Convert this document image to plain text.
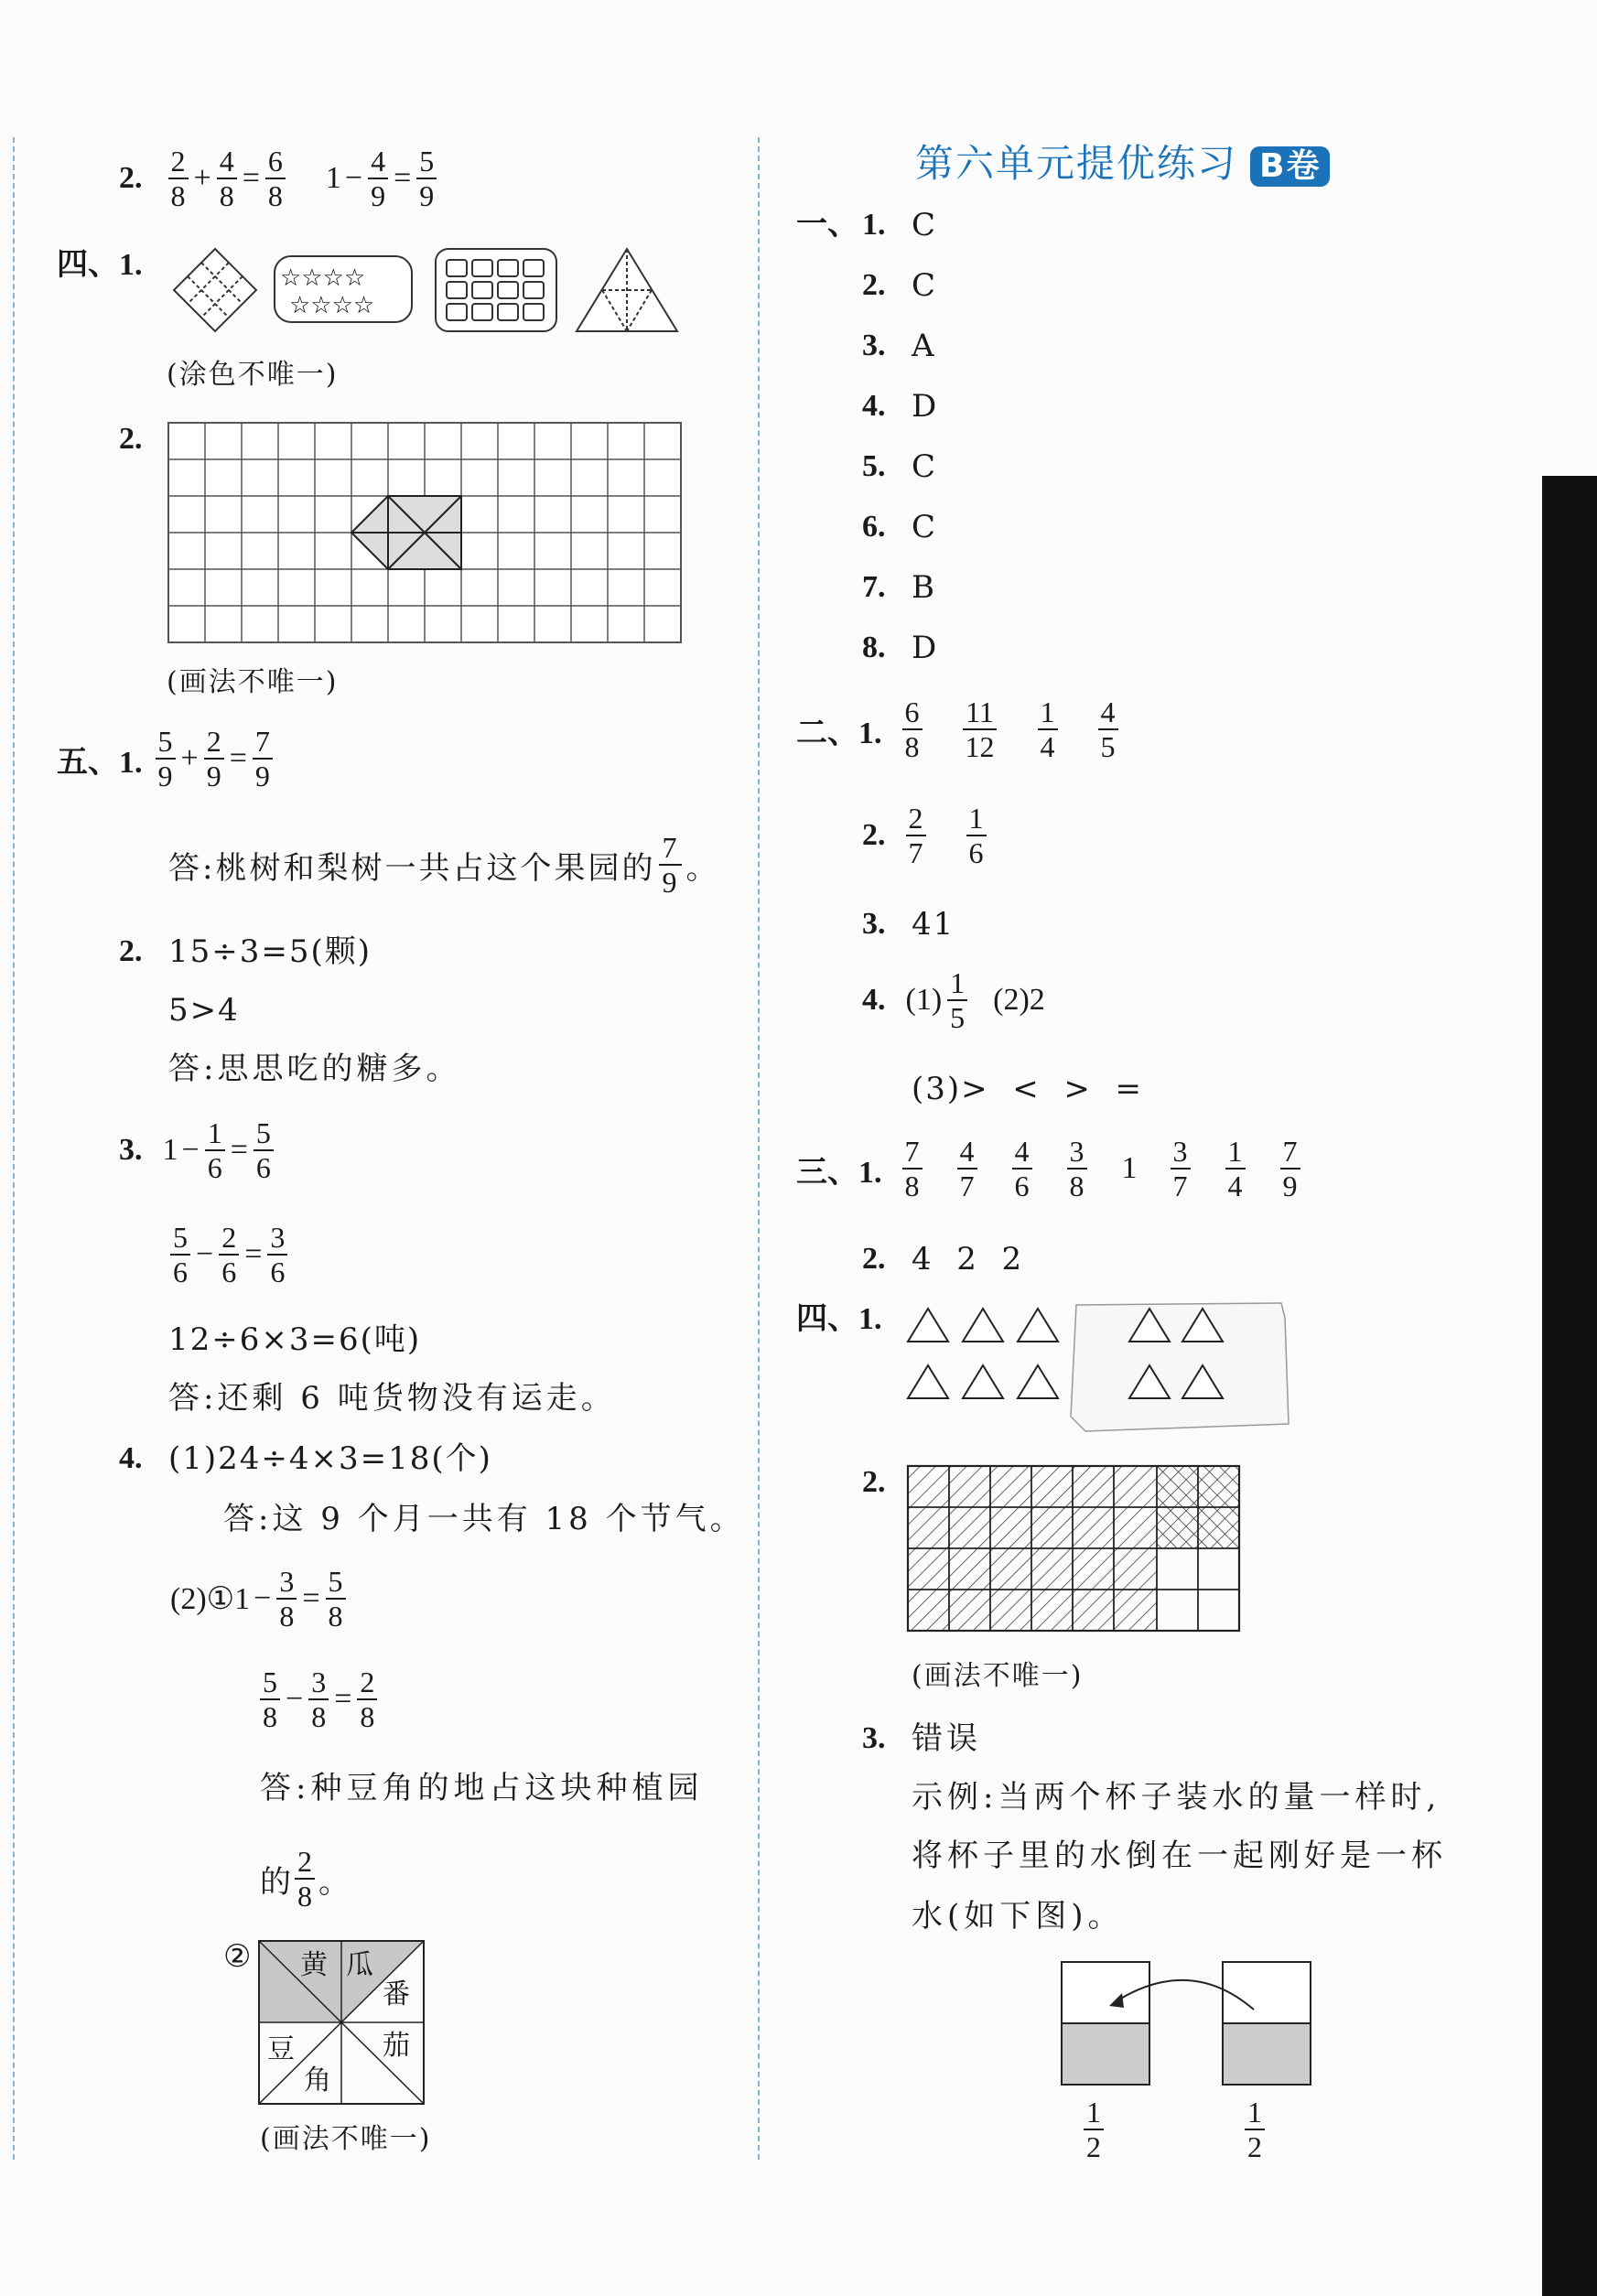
2. 2
8
+ $\frac{4}{8} = \frac{6}{8} 1 - \frac{4}{9} = \frac{5}{9}$
四、1.	☆☆☆☆
☆☆☆☆
(涂色不唯一)
2.
(画法不唯一)
五、1.
5
9
+ $\frac{2}{9} = \frac{7}{9}$
答:桃树和梨树一共占这个果园的
7
9 。
2. 15÷3=5(颗)
5>4
答:思思吃的糖多。
3. $1 - \frac{1}{6} = \frac{5}{6}$
5
6
− $\frac{2}{6} = \frac{3}{6}$
12÷6×3=6(吨)
答:还剩 6 吨货物没有运走。
4. (1)24÷4×3=18(个)
答:这 9 个月一共有 18 个节气。
(2)①1 − $\frac{3}{8} = \frac{5}{8}$
5
8
− $\frac{3}{8} = \frac{2}{8}$
答:种豆角的地占这块种植园
的
2
8 。
② 黄 瓜
番
茄
豆
角
(画法不唯一)
第六单元提优练习 B卷
一、 1. C
2. C
3. A
4. D
5. C
6. C
7. B
8. D
二、1.
6
8
11
12
1
4
4
5
2. 2
7
1
6
3. 41
4. (1) 1
5
(2)2
(3)>  <  >  =
三、1.
7
8
4
7
4
6
3
8
1 3
7
1
4
7
9
2. 4  2  2
四、1.
2.
(画法不唯一)
3. 错误
示例:当两个杯子装水的量一样时,
将杯子里的水倒在一起刚好是一杯
水(如下图)。
$\frac{1}{2}$	$\frac{1}{2}$
